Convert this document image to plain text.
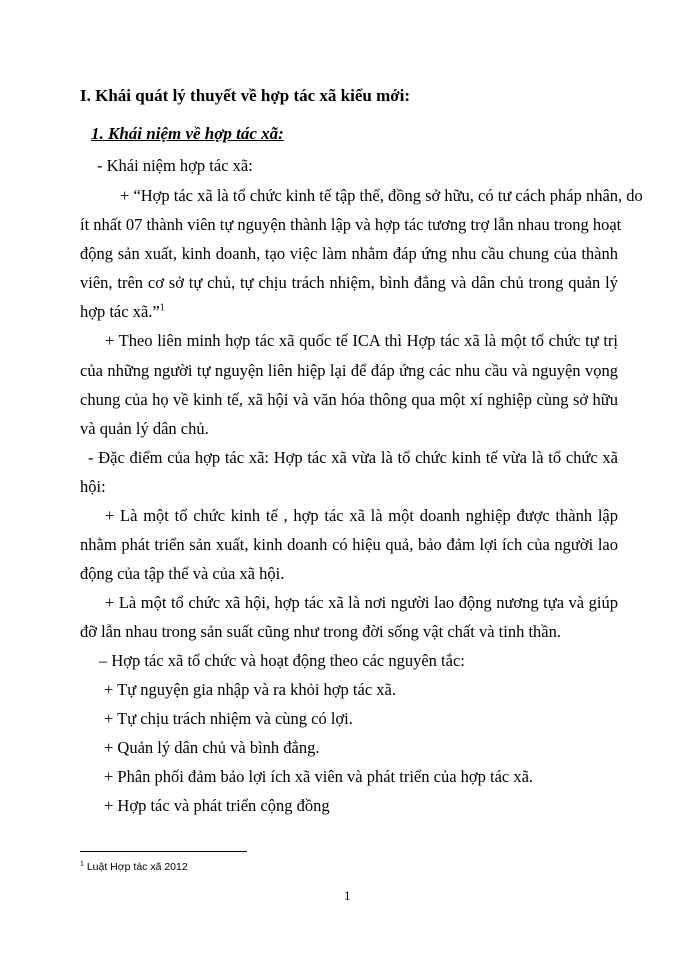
I. Khái quát lý thuyết về hợp tác xã kiểu mới:
1. Khái niệm về hợp tác xã:
- Khái niệm hợp tác xã:
+ “Hợp tác xã là tổ chức kinh tế tập thể, đồng sở hữu, có tư cách pháp nhân, do
ít nhất 07 thành viên tự nguyện thành lập và hợp tác tương trợ lẫn nhau trong hoạt
động sản xuất, kinh doanh, tạo việc làm nhằm đáp ứng nhu cầu chung của thành
viên, trên cơ sở tự chủ, tự chịu trách nhiệm, bình đẳng và dân chủ trong quản lý
hợp tác xã.”$^1$
+ Theo liên minh hợp tác xã quốc tế ICA thì Hợp tác xã là một tổ chức tự trị
của những người tự nguyện liên hiệp lại để đáp ứng các nhu cầu và nguyện vọng
chung của họ về kinh tế, xã hội và văn hóa thông qua một xí nghiệp cùng sở hữu
và quản lý dân chủ.
- Đặc điểm của hợp tác xã: Hợp tác xã vừa là tổ chức kinh tế vừa là tổ chức xã
hội:
+ Là một tổ chức kinh tế , hợp tác xã là một doanh nghiệp được thành lập
nhằm phát triển sản xuất, kinh doanh có hiệu quả, bảo đảm lợi ích của người lao
động của tập thể và của xã hội.
+ Là một tổ chức xã hội, hợp tác xã là nơi người lao động nương tựa và giúp
đỡ lẫn nhau trong sản suất cũng như trong đời sống vật chất và tinh thần.
– Hợp tác xã tổ chức và hoạt động theo các nguyên tắc:
+ Tự nguyện gia nhập và ra khỏi hợp tác xã.
+ Tự chịu trách nhiệm và cùng có lợi.
+ Quản lý dân chủ và bình đẳng.
+ Phân phối đảm bảo lợi ích xã viên và phát triển của hợp tác xã.
+ Hợp tác và phát triển cộng đồng
$^1$ Luật Hợp tác xã 2012
1
